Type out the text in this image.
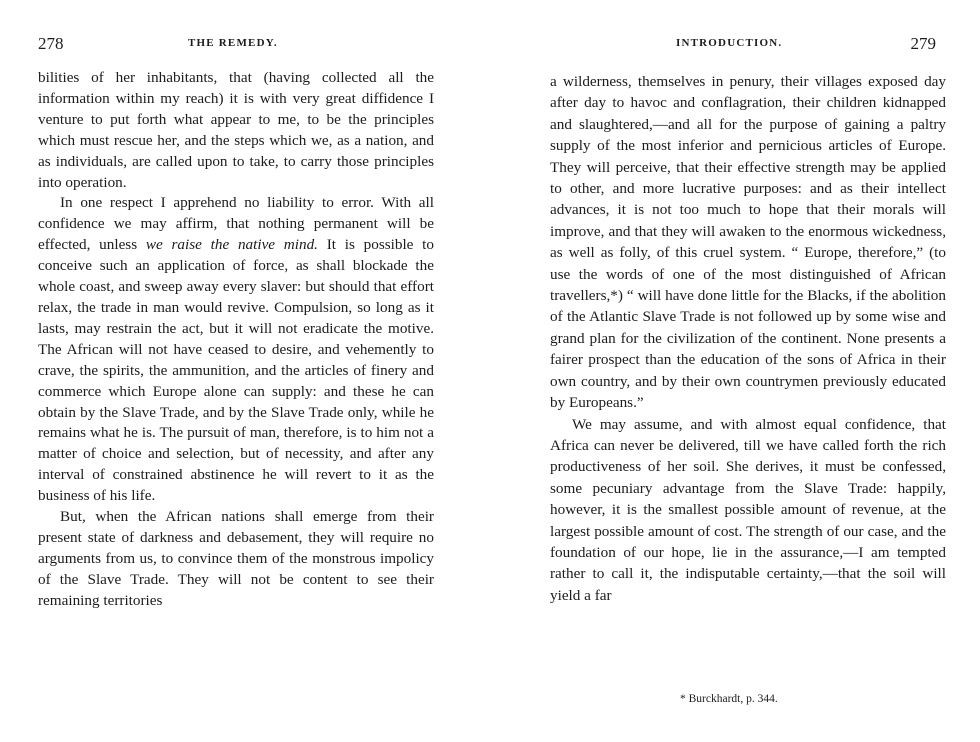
278	THE REMEDY.

bilities of her inhabitants, that (having collected all the information within my reach) it is with very great diffidence I venture to put forth what appear to me, to be the principles which must rescue her, and the steps which we, as a nation, and as individuals, are called upon to take, to carry those principles into operation.

In one respect I apprehend no liability to error. With all confidence we may affirm, that nothing permanent will be effected, unless we raise the native mind. It is possible to conceive such an application of force, as shall blockade the whole coast, and sweep away every slaver: but should that effort relax, the trade in man would revive. Compulsion, so long as it lasts, may restrain the act, but it will not eradicate the motive. The African will not have ceased to desire, and vehemently to crave, the spirits, the ammunition, and the articles of finery and commerce which Europe alone can supply: and these he can obtain by the Slave Trade, and by the Slave Trade only, while he remains what he is. The pursuit of man, therefore, is to him not a matter of choice and selection, but of necessity, and after any interval of constrained abstinence he will revert to it as the business of his life.

But, when the African nations shall emerge from their present state of darkness and debasement, they will require no arguments from us, to convince them of the monstrous impolicy of the Slave Trade. They will not be content to see their remaining territories

INTRODUCTION.	279

a wilderness, themselves in penury, their villages exposed day after day to havoc and conflagration, their children kidnapped and slaughtered,—and all for the purpose of gaining a paltry supply of the most inferior and pernicious articles of Europe. They will perceive, that their effective strength may be applied to other, and more lucrative purposes: and as their intellect advances, it is not too much to hope that their morals will improve, and that they will awaken to the enormous wickedness, as well as folly, of this cruel system. “ Europe, therefore,” (to use the words of one of the most distinguished of African travellers,*) “ will have done little for the Blacks, if the abolition of the Atlantic Slave Trade is not followed up by some wise and grand plan for the civilization of the continent. None presents a fairer prospect than the education of the sons of Africa in their own country, and by their own countrymen previously educated by Europeans.”

We may assume, and with almost equal confidence, that Africa can never be delivered, till we have called forth the rich productiveness of her soil. She derives, it must be confessed, some pecuniary advantage from the Slave Trade: happily, however, it is the smallest possible amount of revenue, at the largest possible amount of cost. The strength of our case, and the foundation of our hope, lie in the assurance,—I am tempted rather to call it, the indisputable certainty,—that the soil will yield a far

* Burckhardt, p. 344.
